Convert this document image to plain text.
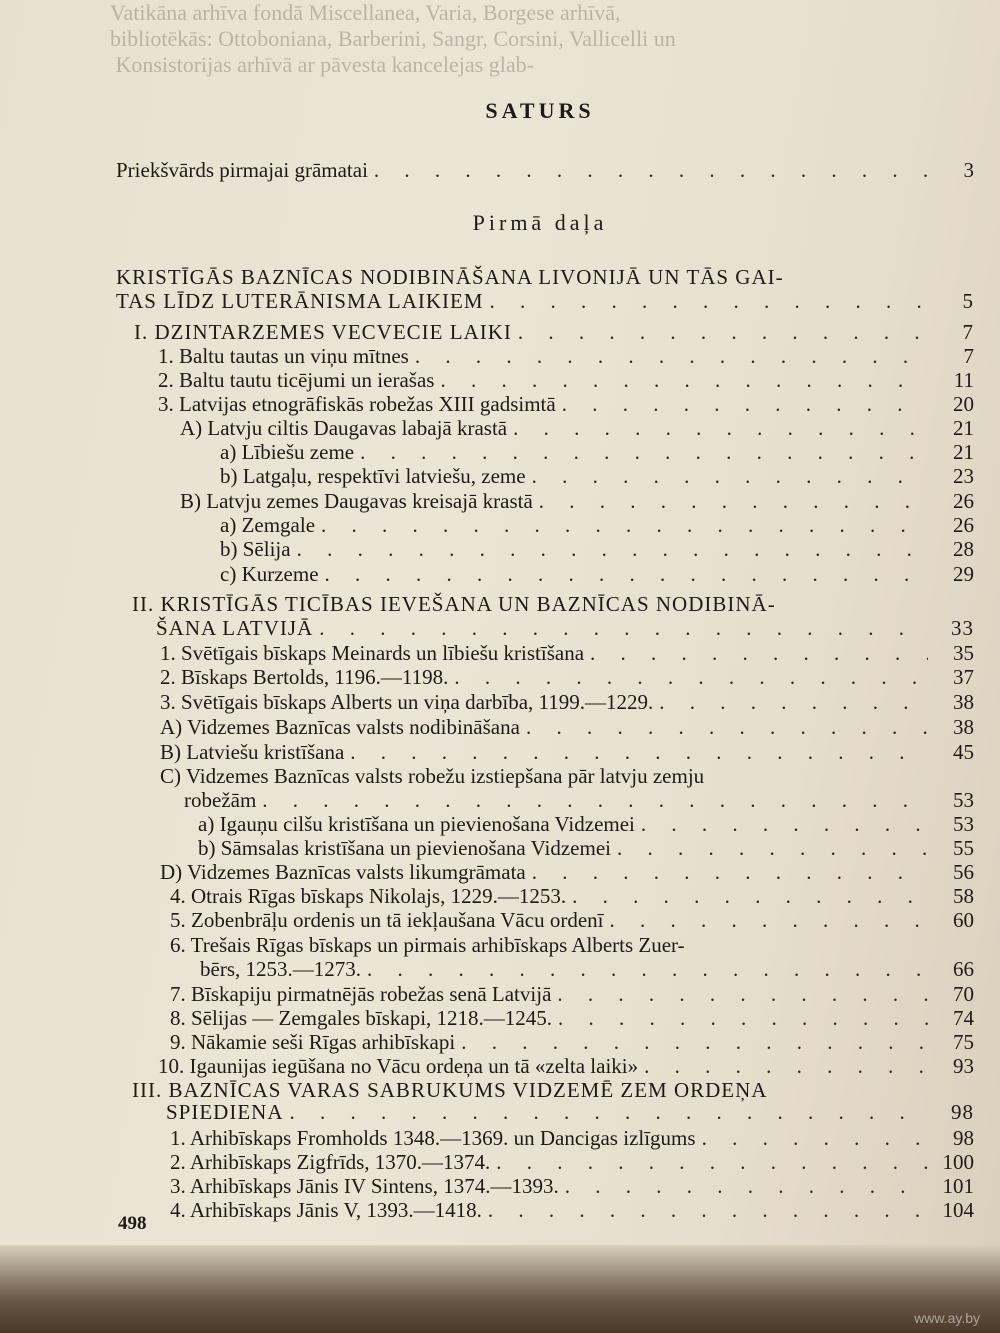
Vatikāna arhīva fondā Miscellanea, Varia, Borgese arhīvā,
bibliotēkās: Ottoboniana, Barberini, Sangr, Corsini, Vallicelli un
Konsistorijas arhīvā ar pāvesta kancelejas glab-
SATURS
Priekšvārds pirmajai grāmatai . . .	3
Pirmā daļa
KRISTĪGĀS BAZNĪCAS NODIBINĀŠANA LIVONIJĀ UN TĀS GAI-
TAS LĪDZ LUTERĀNISMA LAIKIEM . . .	5
I. DZINTARZEMES VECVECIE LAIKI . . .	7
1. Baltu tautas un viņu mītnes . . .	7
2. Baltu tautu ticējumi un ierašas . . .	11
3. Latvijas etnogrāfiskās robežas XIII gadsimtā . . .	20
A) Latvju ciltis Daugavas labajā krastā . . .	21
a) Lībiešu zeme . . .	21
b) Latgaļu, respektīvi latviešu, zeme . . .	23
B) Latvju zemes Daugavas kreisajā krastā . . .	26
a) Zemgale . . .	26
b) Sēlija . . .	28
c) Kurzeme . . .	29
II. KRISTĪGĀS TICĪBAS IEVEŠANA UN BAZNĪCAS NODIBINĀ-
ŠANA LATVIJĀ . . .	33
1. Svētīgais bīskaps Meinards un lībiešu kristīšana . . .	35
2. Bīskaps Bertolds, 1196.—1198. . . .	37
3. Svētīgais bīskaps Alberts un viņa darbība, 1199.—1229. . . .	38
A) Vidzemes Baznīcas valsts nodibināšana . . .	38
B) Latviešu kristīšana . . .	45
C) Vidzemes Baznīcas valsts robežu izstiepšana pār latvju zemju
robežām . . .	53
a) Igauņu cilšu kristīšana un pievienošana Vidzemei . . .	53
b) Sāmsalas kristīšana un pievienošana Vidzemei . . .	55
D) Vidzemes Baznīcas valsts likumgrāmata . . .	56
4. Otrais Rīgas bīskaps Nikolajs, 1229.—1253. . . .	58
5. Zobenbrāļu ordenis un tā iekļaušana Vācu ordenī . . .	60
6. Trešais Rīgas bīskaps un pirmais arhibīskaps Alberts Zuer-
bērs, 1253.—1273. . . .	66
7. Bīskapiju pirmatnējās robežas senā Latvijā . . .	70
8. Sēlijas — Zemgales bīskapi, 1218.—1245. . . .	74
9. Nākamie seši Rīgas arhibīskapi . . .	75
10. Igaunijas iegūšana no Vācu ordeņa un tā «zelta laiki» . . .	93
III. BAZNĪCAS VARAS SABRUKUMS VIDZEMĒ ZEM ORDEŅA
SPIEDIENA . . .	98
1. Arhibīskaps Fromholds 1348.—1369. un Dancigas izlīgums . . .	98
2. Arhibīskaps Zigfrīds, 1370.—1374. . . .	100
3. Arhibīskaps Jānis IV Sintens, 1374.—1393. . . .	101
4. Arhibīskaps Jānis V, 1393.—1418. . . .	104
498
www.ay.by
